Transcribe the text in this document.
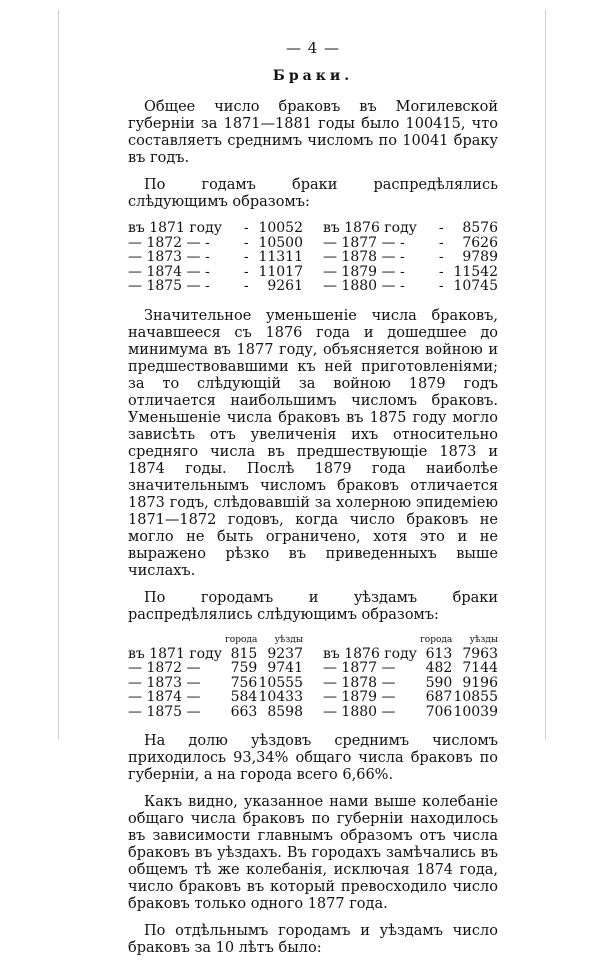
— 4 —
Браки.

Общее число браковъ въ Могилевской губерніи за 1871—1881 годы было 100415, что составляетъ среднимъ числомъ по 10041 браку въ годъ.

По годамъ браки распредѣлялись слѣдующимъ образомъ:

въ 1871 году	-	10052		въ 1876 году	-	8576
— 1872 — -	-	10500		— 1877 — -	-	7626
— 1873 — -	-	11311		— 1878 — -	-	9789
— 1874 — -	-	11017		— 1879 — -	-	11542
— 1875 — -	-	9261		— 1880 — -	-	10745

Значительное уменьшеніе числа браковъ, начавшееся съ 1876 года и дошедшее до минимума въ 1877 году, объясняется войною и предшествовавшими къ ней приготовленіями; за то слѣдующій за войною 1879 годъ отличается наибольшимъ числомъ браковъ. Уменьшеніе числа браковъ въ 1875 году могло зависѣть отъ увеличенія ихъ относительно средняго числа въ предшествующіе 1873 и 1874 годы. Послѣ 1879 года наиболѣе значительнымъ числомъ браковъ отличается 1873 годъ, слѣдовавшій за холерною эпидеміею 1871—1872 годовъ, когда число браковъ не могло не быть ограничено, хотя это и не выражено рѣзко въ приведенныхъ выше числахъ.

По городамъ и уѣздамъ браки распредѣлялись слѣдующимъ образомъ:

	города	уѣзды			города	уѣзды
въ 1871 году	815	9237		въ 1876 году	613	7963
— 1872 —	759	9741		— 1877 —	482	7144
— 1873 —	756	10555		— 1878 —	590	9196
— 1874 —	584	10433		— 1879 —	687	10855
— 1875 —	663	8598		— 1880 —	706	10039

На долю уѣздовъ среднимъ числомъ приходилось 93,34% общаго числа браковъ по губерніи, а на города всего 6,66%.

Какъ видно, указанное нами выше колебаніе общаго числа браковъ по губерніи находилось въ зависимости главнымъ образомъ отъ числа браковъ въ уѣздахъ. Въ городахъ замѣчались въ общемъ тѣ же колебанія, исключая 1874 года, число браковъ въ который превосходило число браковъ только одного 1877 года.

По отдѣльнымъ городамъ и уѣздамъ число браковъ за 10 лѣтъ было:
